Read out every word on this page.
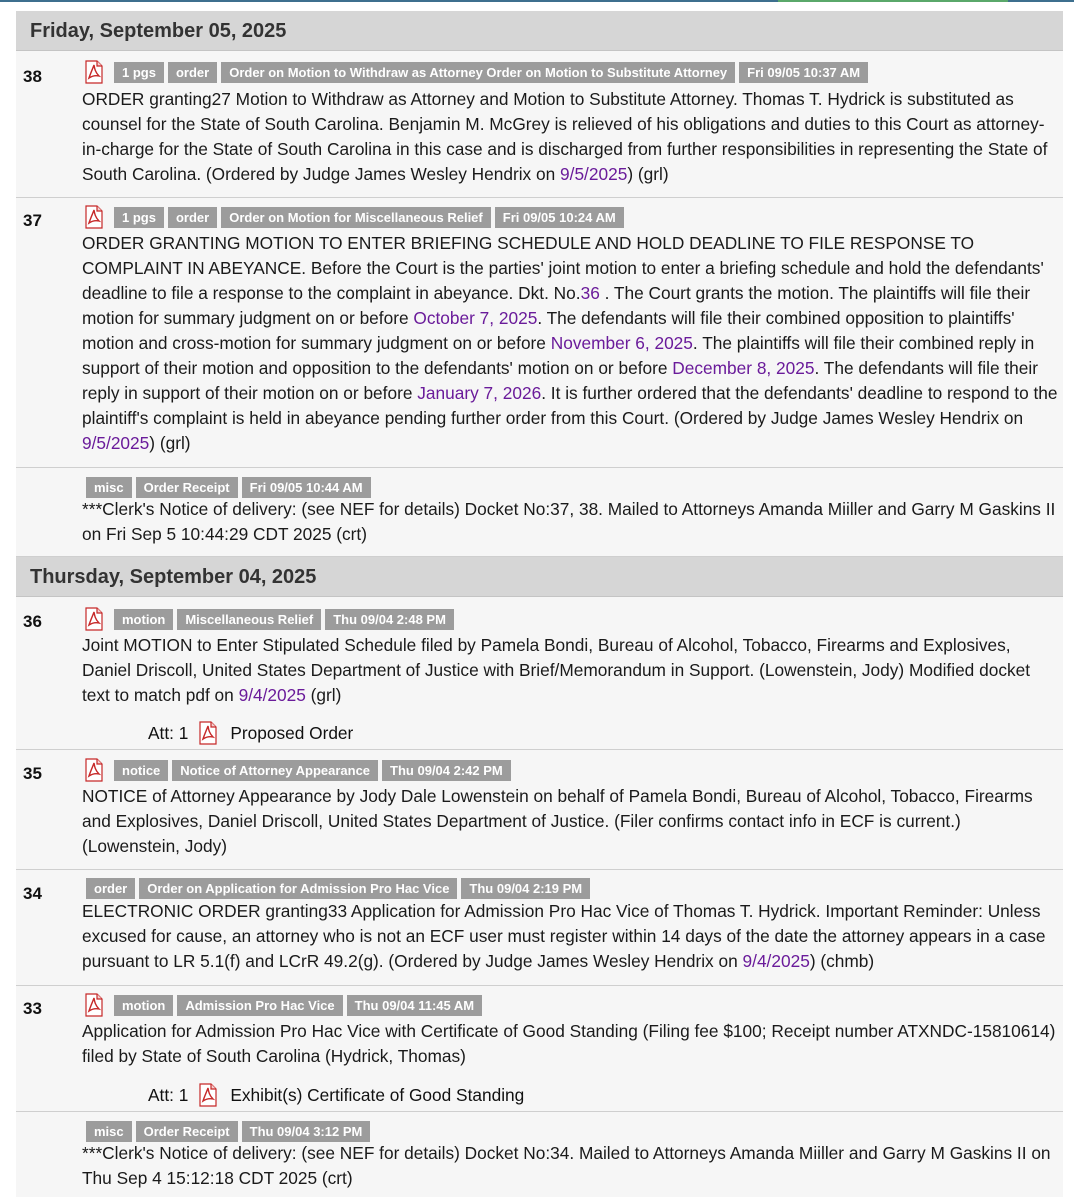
Friday, September 05, 2025
38	1 pgs	order	Order on Motion to Withdraw as Attorney Order on Motion to Substitute Attorney	Fri 09/05 10:37 AM
ORDER granting27 Motion to Withdraw as Attorney and Motion to Substitute Attorney. Thomas T. Hydrick is substituted as counsel for the State of South Carolina. Benjamin M. McGrey is relieved of his obligations and duties to this Court as attorney-in-charge for the State of South Carolina in this case and is discharged from further responsibilities in representing the State of South Carolina. (Ordered by Judge James Wesley Hendrix on 9/5/2025) (grl)
37	1 pgs	order	Order on Motion for Miscellaneous Relief	Fri 09/05 10:24 AM
ORDER GRANTING MOTION TO ENTER BRIEFING SCHEDULE AND HOLD DEADLINE TO FILE RESPONSE TO COMPLAINT IN ABEYANCE. Before the Court is the parties' joint motion to enter a briefing schedule and hold the defendants' deadline to file a response to the complaint in abeyance. Dkt. No.36 . The Court grants the motion. The plaintiffs will file their motion for summary judgment on or before October 7, 2025. The defendants will file their combined opposition to plaintiffs' motion and cross-motion for summary judgment on or before November 6, 2025. The plaintiffs will file their combined reply in support of their motion and opposition to the defendants' motion on or before December 8, 2025. The defendants will file their reply in support of their motion on or before January 7, 2026. It is further ordered that the defendants' deadline to respond to the plaintiff's complaint is held in abeyance pending further order from this Court. (Ordered by Judge James Wesley Hendrix on 9/5/2025) (grl)
misc	Order Receipt	Fri 09/05 10:44 AM
***Clerk's Notice of delivery: (see NEF for details) Docket No:37, 38. Mailed to Attorneys Amanda Miiller and Garry M Gaskins II on Fri Sep 5 10:44:29 CDT 2025 (crt)
Thursday, September 04, 2025
36	motion	Miscellaneous Relief	Thu 09/04 2:48 PM
Joint MOTION to Enter Stipulated Schedule filed by Pamela Bondi, Bureau of Alcohol, Tobacco, Firearms and Explosives, Daniel Driscoll, United States Department of Justice with Brief/Memorandum in Support. (Lowenstein, Jody) Modified docket text to match pdf on 9/4/2025 (grl)
Att: 1 Proposed Order
35	notice	Notice of Attorney Appearance	Thu 09/04 2:42 PM
NOTICE of Attorney Appearance by Jody Dale Lowenstein on behalf of Pamela Bondi, Bureau of Alcohol, Tobacco, Firearms and Explosives, Daniel Driscoll, United States Department of Justice. (Filer confirms contact info in ECF is current.) (Lowenstein, Jody)
34	order	Order on Application for Admission Pro Hac Vice	Thu 09/04 2:19 PM
ELECTRONIC ORDER granting33 Application for Admission Pro Hac Vice of Thomas T. Hydrick. Important Reminder: Unless excused for cause, an attorney who is not an ECF user must register within 14 days of the date the attorney appears in a case pursuant to LR 5.1(f) and LCrR 49.2(g). (Ordered by Judge James Wesley Hendrix on 9/4/2025) (chmb)
33	motion	Admission Pro Hac Vice	Thu 09/04 11:45 AM
Application for Admission Pro Hac Vice with Certificate of Good Standing (Filing fee $100; Receipt number ATXNDC-15810614) filed by State of South Carolina (Hydrick, Thomas)
Att: 1 Exhibit(s) Certificate of Good Standing
misc	Order Receipt	Thu 09/04 3:12 PM
***Clerk's Notice of delivery: (see NEF for details) Docket No:34. Mailed to Attorneys Amanda Miiller and Garry M Gaskins II on Thu Sep 4 15:12:18 CDT 2025 (crt)
